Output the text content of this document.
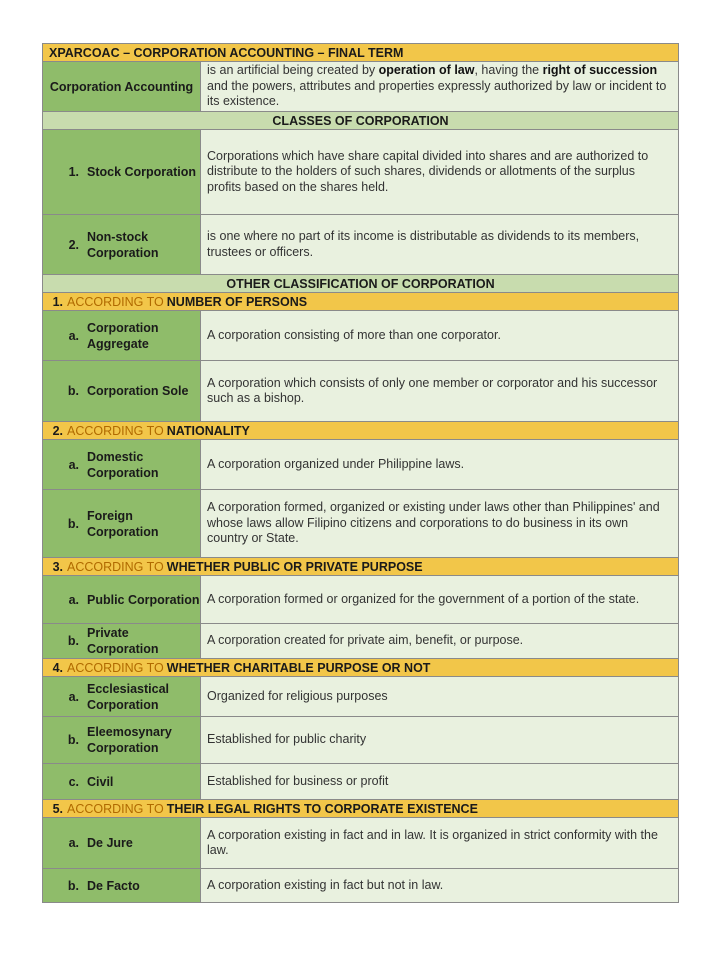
XPARCOAC – CORPORATION ACCOUNTING – FINAL TERM
Corporation Accounting
is an artificial being created by operation of law, having the right of succession and the powers, attributes and properties expressly authorized by law or incident to its existence.
CLASSES OF CORPORATION
1. Stock Corporation
Corporations which have share capital divided into shares and are authorized to distribute to the holders of such shares, dividends or allotments of the surplus profits based on the shares held.
2.
Non-stock Corporation
is one where no part of its income is distributable as dividends to its members, trustees or officers.
OTHER CLASSIFICATION OF CORPORATION
1. ACCORDING TO NUMBER OF PERSONS
a.
Corporation Aggregate
A corporation consisting of more than one corporator.
b. Corporation Sole
A corporation which consists of only one member or corporator and his successor such as a bishop.
2. ACCORDING TO NATIONALITY
a.
Domestic Corporation
A corporation organized under Philippine laws.
b.
Foreign Corporation
A corporation formed, organized or existing under laws other than Philippines' and whose laws allow Filipino citizens and corporations to do business in its own country or State.
3. ACCORDING TO WHETHER PUBLIC OR PRIVATE PURPOSE
a. Public Corporation A corporation formed or organized for the government of a portion of the state.
b.
Private Corporation
A corporation created for private aim, benefit, or purpose.
4. ACCORDING TO WHETHER CHARITABLE PURPOSE OR NOT
a.
Ecclesiastical Corporation
Organized for religious purposes
b.
Eleemosynary Corporation
Established for public charity
c. Civil	Established for business or profit
5. ACCORDING TO THEIR LEGAL RIGHTS TO CORPORATE EXISTENCE
a. De Jure
A corporation existing in fact and in law. It is organized in strict conformity with the law.
b. De Facto	A corporation existing in fact but not in law.
